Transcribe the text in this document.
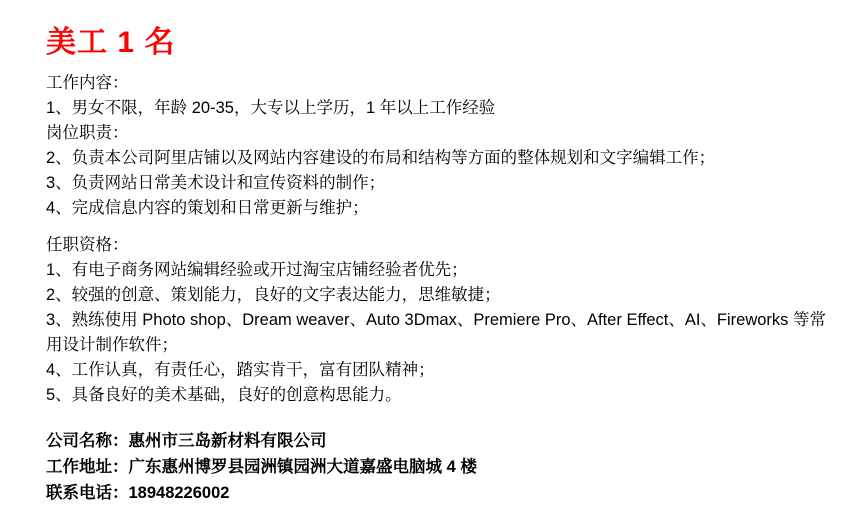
美工 1 名

工作内容：

1、男女不限，年龄 20-35，大专以上学历，1 年以上工作经验

岗位职责：

2、负责本公司阿里店铺以及网站内容建设的布局和结构等方面的整体规划和文字编辑工作；

3、负责网站日常美术设计和宣传资料的制作；

4、完成信息内容的策划和日常更新与维护；

任职资格：

1、有电子商务网站编辑经验或开过淘宝店铺经验者优先；

2、较强的创意、策划能力，良好的文字表达能力，思维敏捷；

3、熟练使用 Photo shop、Dream weaver、Auto 3Dmax、Premiere Pro、After Effect、AI、Fireworks 等常用设计制作软件；

4、工作认真，有责任心，踏实肯干，富有团队精神；

5、具备良好的美术基础，良好的创意构思能力。

公司名称：惠州市三岛新材料有限公司

工作地址：广东惠州博罗县园洲镇园洲大道嘉盛电脑城 4 楼

联系电话：18948226002
